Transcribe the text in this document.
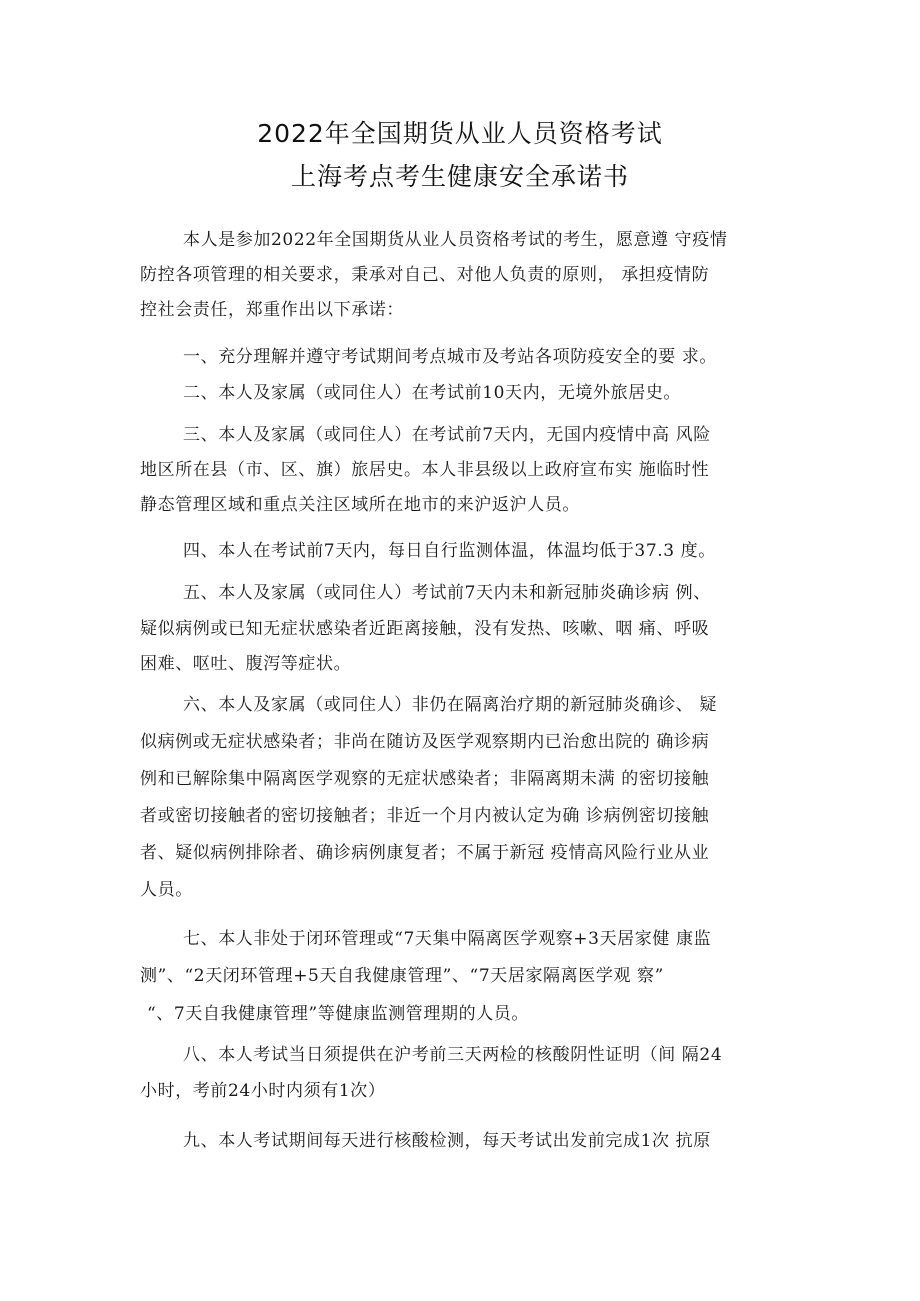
2022年全国期货从业人员资格考试
上海考点考生健康安全承诺书
本人是参加2022年全国期货从业人员资格考试的考生，愿意遵 守疫情
防控各项管理的相关要求，秉承对自己、对他人负责的原则， 承担疫情防
控社会责任，郑重作出以下承诺：
一、充分理解并遵守考试期间考点城市及考站各项防疫安全的要 求。
二、本人及家属（或同住人）在考试前10天内，无境外旅居史。
三、本人及家属（或同住人）在考试前7天内，无国内疫情中高 风险
地区所在县（市、区、旗）旅居史。本人非县级以上政府宣布实 施临时性
静态管理区域和重点关注区域所在地市的来沪返沪人员。
四、本人在考试前7天内，每日自行监测体温，体温均低于37.3 度。
五、本人及家属（或同住人）考试前7天内未和新冠肺炎确诊病 例、
疑似病例或已知无症状感染者近距离接触，没有发热、咳嗽、咽 痛、呼吸
困难、呕吐、腹泻等症状。
六、本人及家属（或同住人）非仍在隔离治疗期的新冠肺炎确诊、 疑
似病例或无症状感染者；非尚在随访及医学观察期内已治愈出院的 确诊病
例和已解除集中隔离医学观察的无症状感染者；非隔离期未满 的密切接触
者或密切接触者的密切接触者；非近一个月内被认定为确 诊病例密切接触
者、疑似病例排除者、确诊病例康复者；不属于新冠 疫情高风险行业从业
人员。
七、本人非处于闭环管理或“7天集中隔离医学观察+3天居家健 康监
测”、“2天闭环管理+5天自我健康管理”、“7天居家隔离医学观 察”
“、7天自我健康管理”等健康监测管理期的人员。
八、本人考试当日须提供在沪考前三天两检的核酸阴性证明（间 隔24
小时，考前24小时内须有1次）
九、本人考试期间每天进行核酸检测，每天考试出发前完成1次 抗原
